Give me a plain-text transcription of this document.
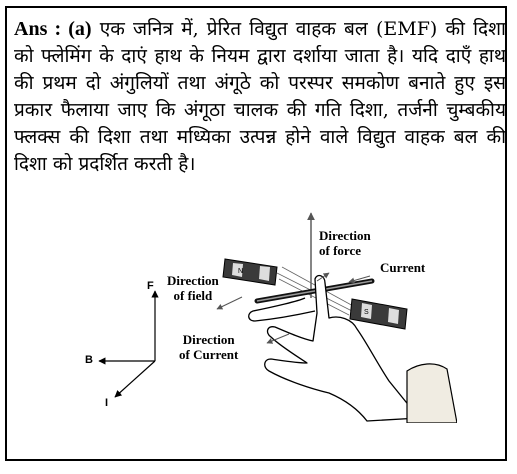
Ans : (a) एक जनित्र में, प्रेरित विद्युत वाहक बल (EMF) की दिशा को फ्लेमिंग के दाएं हाथ के नियम द्वारा दर्शाया जाता है। यदि दाएँ हाथ की प्रथम दो अंगुलियों तथा अंगूठे को परस्पर समकोण बनाते हुए इस प्रकार फैलाया जाए कि अंगूठा चालक की गति दिशा, तर्जनी चुम्बकीय फ्लक्स की दिशा तथा मध्यिका उत्पन्न होने वाले विद्युत वाहक बल की दिशा को प्रदर्शित करती है।
N
S
Direction
of force
Current
Direction
of field
Direction
of Current
F
B
I
